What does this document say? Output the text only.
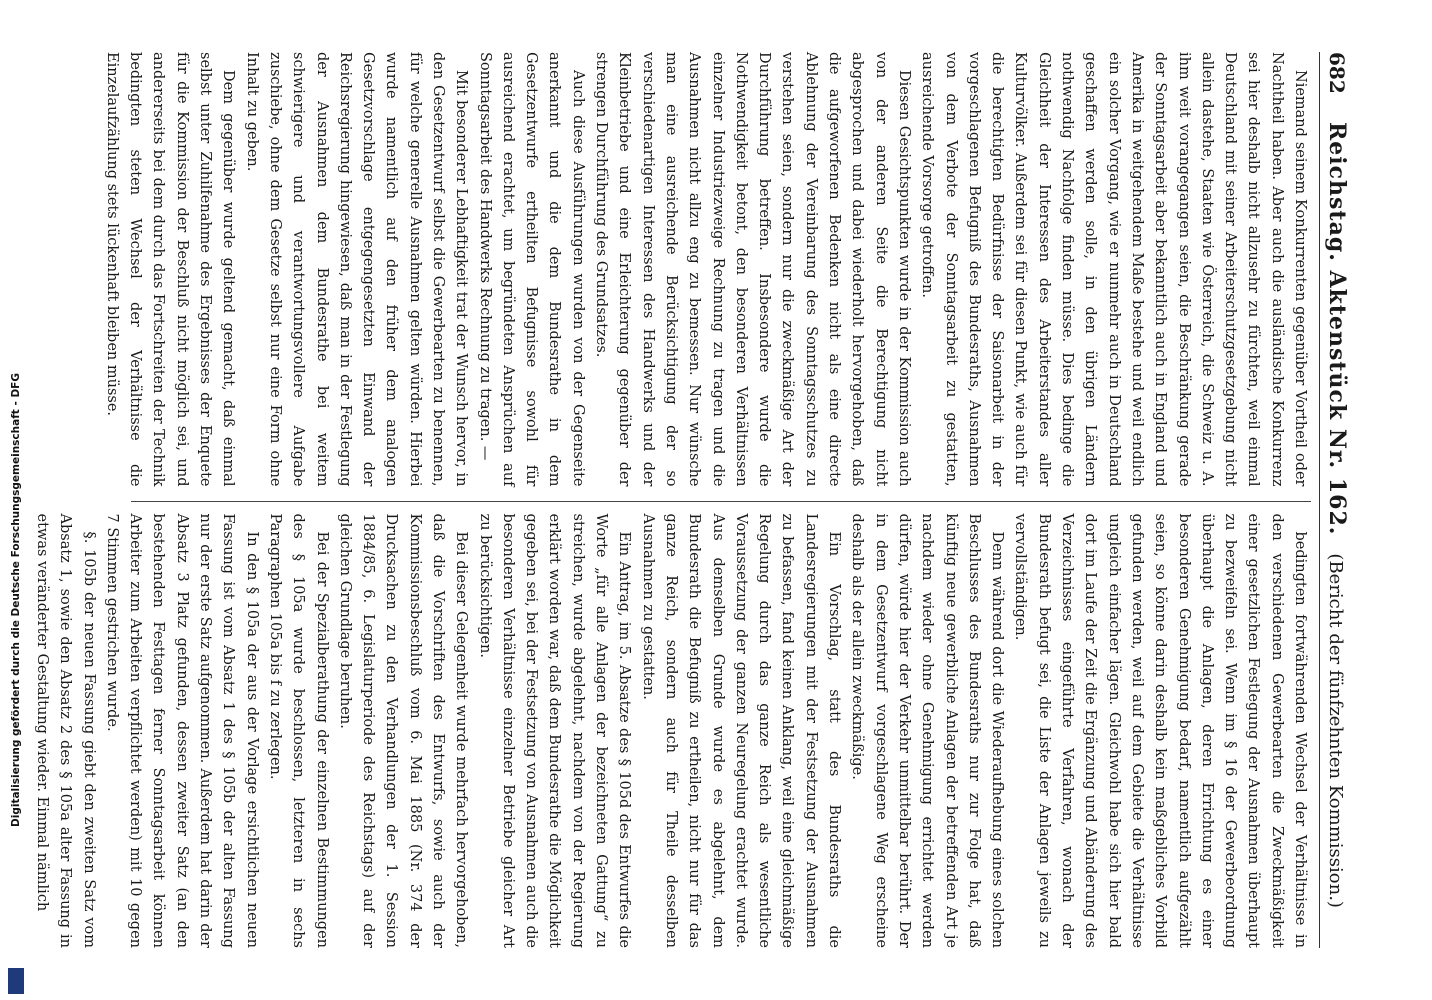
682
Reichstag. Aktenstück Nr. 162.
(Bericht der fünfzehnten Kommission.)

Niemand seinem Konkurrenten gegenüber Vortheil oder Nachtheil haben. Aber auch die ausländische Konkurrenz sei hier deshalb nicht allzusehr zu fürchten, weil einmal Deutschland mit seiner Arbeiterschutzgesetzgebung nicht allein dastehe, Staaten wie Österreich, die Schweiz u. A. ihm weit vorangegangen seien, die Beschränkung gerade der Sonntagsarbeit aber bekanntlich auch in England und Amerika in weitgehendem Maße bestehe und weil endlich ein solcher Vorgang, wie er nunmehr auch in Deutschland geschaffen werden solle, in den übrigen Ländern nothwendig Nachfolge finden müsse. Dies bedinge die Gleichheit der Interessen des Arbeiterstandes aller Kulturvölker. Außerdem sei für diesen Punkt, wie auch für die berechtigten Bedürfnisse der Saisonarbeit in der vorgeschlagenen Befugniß des Bundesraths, Ausnahmen von dem Verbote der Sonntagsarbeit zu gestatten, ausreichende Vorsorge getroffen.

Diesen Gesichtspunkten wurde in der Kommission auch von der anderen Seite die Berechtigung nicht abgesprochen und dabei wiederholt hervorgehoben, daß die aufgeworfenen Bedenken nicht als eine directe Ablehnung der Vereinbarung des Sonntagsschutzes zu verstehen seien, sondern nur die zweckmäßige Art der Durchführung betreffen. Insbesondere wurde die Nothwendigkeit betont, den besonderen Verhältnissen einzelner Industriezweige Rechnung zu tragen und die Ausnahmen nicht allzu eng zu bemessen. Nur wünsche man eine ausreichende Berücksichtigung der so verschiedenartigen Interessen des Handwerks und der Kleinbetriebe und eine Erleichterung gegenüber der strengen Durchführung des Grundsatzes.

Auch diese Ausführungen wurden von der Gegenseite anerkannt und die dem Bundesrathe in dem Gesetzentwurfe ertheilten Befugnisse sowohl für ausreichend erachtet, um begründeten Ansprüchen auf Sonntagsarbeit des Handwerks Rechnung zu tragen. —

Mit besonderer Lebhaftigkeit trat der Wunsch hervor, in den Gesetzentwurf selbst die Gewerbearten zu benennen, für welche generelle Ausnahmen gelten würden. Hierbei wurde namentlich auf den früher dem analogen Gesetzvorschlage entgegengesetzten Einwand der Reichsregierung hingewiesen, daß man in der Festlegung der Ausnahmen dem Bundesrathe bei weitem schwierigere und verantwortungsvollere Aufgabe zuschiebe, ohne dem Gesetze selbst nur eine Form ohne Inhalt zu geben.

Dem gegenüber wurde geltend gemacht, daß einmal selbst unter Zuhilfenahme des Ergebnisses der Enquete für die Kommission der Beschluß nicht möglich sei, und andererseits bei dem durch das Fortschreiten der Technik bedingten steten Wechsel der Verhältnisse die Einzelaufzählung stets lückenhaft bleiben müsse.

bedingten fortwährenden Wechsel der Verhältnisse in den verschiedenen Gewerbearten die Zweckmäßigkeit einer gesetzlichen Festlegung der Ausnahmen überhaupt zu bezweifeln sei. Wenn im § 16 der Gewerbeordnung überhaupt die Anlagen, deren Errichtung es einer besonderen Genehmigung bedarf, namentlich aufgezählt seien, so könne darin deshalb kein maßgebliches Vorbild gefunden werden, weil auf dem Gebiete die Verhältnisse ungleich einfacher lägen. Gleichwohl habe sich hier bald dort im Laufe der Zeit die Ergänzung und Abänderung des Verzeichnisses eingeführte Verfahren, wonach der Bundesrath befugt sei, die Liste der Anlagen jeweils zu vervollständigen.

Denn während dort die Wiederaufhebung eines solchen Beschlusses des Bundesraths nur zur Folge hat, daß künftig neue gewerbliche Anlagen der betreffenden Art je nachdem wieder ohne Genehmigung errichtet werden dürfen, würde hier der Verkehr unmittelbar berührt. Der in dem Gesetzentwurf vorgeschlagene Weg erscheine deshalb als der allein zweckmäßige.

Ein Vorschlag, statt des Bundesraths die Landesregierungen mit der Festsetzung der Ausnahmen zu befassen, fand keinen Anklang, weil eine gleichmäßige Regelung durch das ganze Reich als wesentliche Voraussetzung der ganzen Neuregelung erachtet wurde. Aus demselben Grunde wurde es abgelehnt, dem Bundesrath die Befugniß zu ertheilen, nicht nur für das ganze Reich, sondern auch für Theile desselben Ausnahmen zu gestatten.

Ein Antrag, im 5. Absatze des § 105d des Entwurfes die Worte „für alle Anlagen der bezeichneten Gattung“ zu streichen, wurde abgelehnt, nachdem von der Regierung erklärt worden war, daß dem Bundesrathe die Möglichkeit gegeben sei, bei der Festsetzung von Ausnahmen auch die besonderen Verhältnisse einzelner Betriebe gleicher Art zu berücksichtigen.

Bei dieser Gelegenheit wurde mehrfach hervorgehoben, daß die Vorschriften des Entwurfs, sowie auch der Kommissionsbeschluß vom 6. Mai 1885 (Nr. 374 der Drucksachen zu den Verhandlungen der 1. Session 1884/85, 6. Legislaturperiode des Reichstags) auf der gleichen Grundlage beruhen.

Bei der Spezialberathung der einzelnen Bestimmungen des § 105a wurde beschlossen, letzteren in sechs Paragraphen 105a bis f zu zerlegen.

In den § 105a der aus der Vorlage ersichtlichen neuen Fassung ist vom Absatz 1 des § 105b der alten Fassung nur der erste Satz aufgenommen. Außerdem hat darin der Absatz 3 Platz gefunden, dessen zweiter Satz (an den bestehenden Festtagen ferner Sonntagsarbeit können Arbeiter zum Arbeiten verpflichtet werden) mit 10 gegen 7 Stimmen gestrichen wurde.

§. 105b der neuen Fassung giebt den zweiten Satz vom Absatz 1, sowie den Absatz 2 des § 105a alter Fassung in etwas veränderter Gestaltung wieder. Einmal nämlich

Digitalisierung gefördert durch die Deutsche Forschungsgemeinschaft - DFG
